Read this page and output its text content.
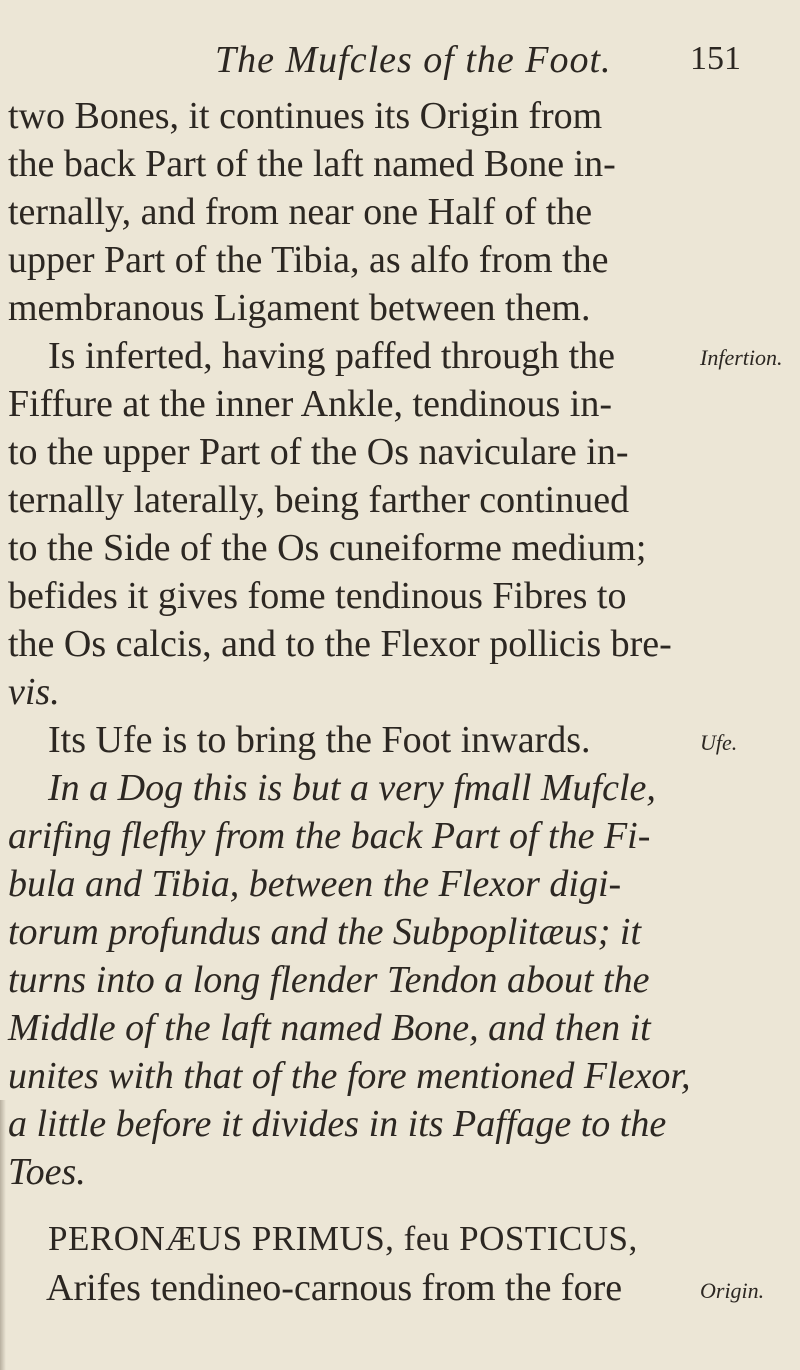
The Mufcles of the Foot. 151
two Bones, it continues its Origin from
the back Part of the laft named Bone in-
ternally, and from near one Half of the
upper Part of the Tibia, as alfo from the
membranous Ligament between them.
Is inferted, having paffed through the	Infertion.
Fiffure at the inner Ankle, tendinous in-
to the upper Part of the Os naviculare in-
ternally laterally, being farther continued
to the Side of the Os cuneiforme medium;
befides it gives fome tendinous Fibres to
the Os calcis, and to the Flexor pollicis bre-
vis.
Its Ufe is to bring the Foot inwards.	Ufe.
In a Dog this is but a very fmall Mufcle,
arifing flefhy from the back Part of the Fi-
bula and Tibia, between the Flexor digi-
torum profundus and the Subpoplitæus; it
turns into a long flender Tendon about the
Middle of the laft named Bone, and then it
unites with that of the fore mentioned Flexor,
a little before it divides in its Paffage to the
Toes.
PERONÆUS PRIMUS, feu POSTICUS,
Arifes tendineo-carnous from the fore	Origin.
